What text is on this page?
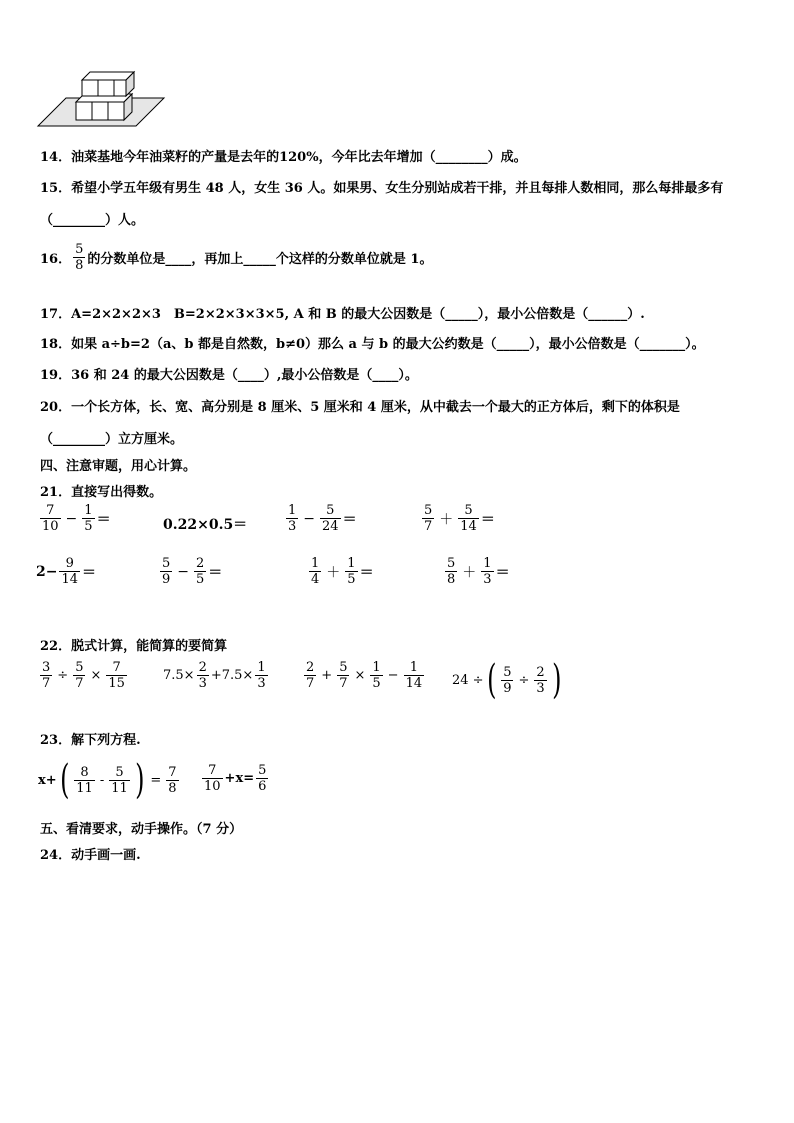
14．油菜基地今年油菜籽的产量是去年的120%，今年比去年增加（________）成。
15．希望小学五年级有男生 48 人，女生 36 人。如果男、女生分别站成若干排，并且每排人数相同，那么每排最多有
（________）人。
16． $\frac{5}{8}$ 的分数单位是____，再加上_____个这样的分数单位就是 1。
17．A=2×2×2×3　B=2×2×3×3×5, A 和 B 的最大公因数是（_____），最小公倍数是（______）.
18．如果 a÷b=2（a、b 都是自然数，b≠0）那么 a 与 b 的最大公约数是（_____），最小公倍数是（_______）。
19．36 和 24 的最大公因数是（____）,最小公倍数是（____）。
20．一个长方体，长、宽、高分别是 8 厘米、5 厘米和 4 厘米，从中截去一个最大的正方体后，剩下的体积是
（________）立方厘米。
四、注意审题，用心计算。
21．直接写出得数。
$\frac{7}{10} - \frac{1}{5}$ ＝	0.22×0.5＝	$\frac{1}{3} - \frac{5}{24}$ ＝	$\frac{5}{7} + \frac{5}{14}$ ＝
$2- \frac{9}{14}$ ＝	$\frac{5}{9} - \frac{2}{5}$ ＝	$\frac{1}{4} + \frac{1}{5}$ ＝	$\frac{5}{8} + \frac{1}{3}$ ＝
22．脱式计算，能简算的要简算
$\frac{3}{7} \div \frac{5}{7} \times \frac{7}{15}$	$7.5\times \frac{2}{3} +7.5\times \frac{1}{3}$	$\frac{2}{7} + \frac{5}{7} \times \frac{1}{5} - \frac{1}{14} 24$ ÷ ( $\frac{5}{9} \div \frac{2}{3}$ )
23．解下列方程.
x+ ( $\frac{8}{11} - \frac{5}{11}$ ) = $\frac{7}{8} \frac{7}{10} +x= \frac{5}{6}$
五、看清要求，动手操作。（7 分）
24．动手画一画.
